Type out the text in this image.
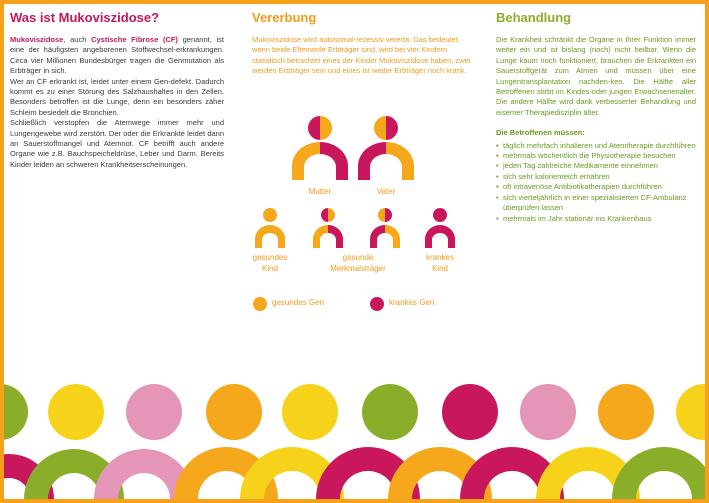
Was ist Mukoviszidose?

Mukoviszidose, auch Cystische Fibrose (CF) genannt, ist eine der häufigsten angeborenen Stoffwechsel-erkrankungen. Circa vier Millionen Bundesbürger tragen die Genmutation als Erbträger in sich.

Wer an CF erkrankt ist, leidet unter einem Gen-defekt. Dadurch kommt es zu einer Störung des Salzhaushaltes in den Zellen. Besonders betroffen ist die Lunge, denn ein besonders zäher Schleim besiedelt die Bronchien.

Schließlich verstopfen die Atemwege immer mehr und Lungengewebe wird zerstört. Der oder die Erkrankte leidet dann an Sauerstoffmangel und Atemnot. CF betrifft auch andere Organe wie z.B. Bauchspeicheldrüse, Leber und Darm. Bereits Kinder leiden an schweren Krankheitserscheinungen.

Vererbung

Mukoviszidose wird autosomal-rezessiv vererbt. Das bedeutet, wenn beide Elternteile Erbträger sind, wird bei vier Kindern statistisch betrachtet eines der Kinder Mukoviszidose haben, zwei werden Erbträger sein und eines ist weder Erbträger noch krank.

Mutter	Vater
gesundes
Kind
gesunde
Merkmalsträger
krankes
Kind
gesundes Gen	krankes Gen
Behandlung

Die Krankheit schränkt die Organe in ihrer Funktion immer weiter ein und ist bislang (noch) nicht heilbar. Wenn die Lunge kaum noch funktioniert, brauchen die Erkrankten ein Sauerstoffgerät zum Atmen und müssen über eine Lungentransplantation nachden-ken. Die Hälfte aller Betroffenen stirbt im Kindes-oder jungen Erwachsenenalter. Die andere Hälfte wird dank verbesserter Behandlung und eiserner Therapiedisziplin älter.

Die Betroffenen müssen:

• täglich mehrfach inhalieren und Atemtherapie durchführen
• mehrmals wöchentlich die Physiotherapie besuchen
• jeden Tag zahlreiche Medikamente einnehmen
• sich sehr kalorienreich ernähren
• oft intravenöse Antibiotikatherapien durchführen
• sich vierteljährlich in einer spezialisierten CF-Ambulanz überprüfen lassen
• mehrmals im Jahr stationär ins Krankenhaus
